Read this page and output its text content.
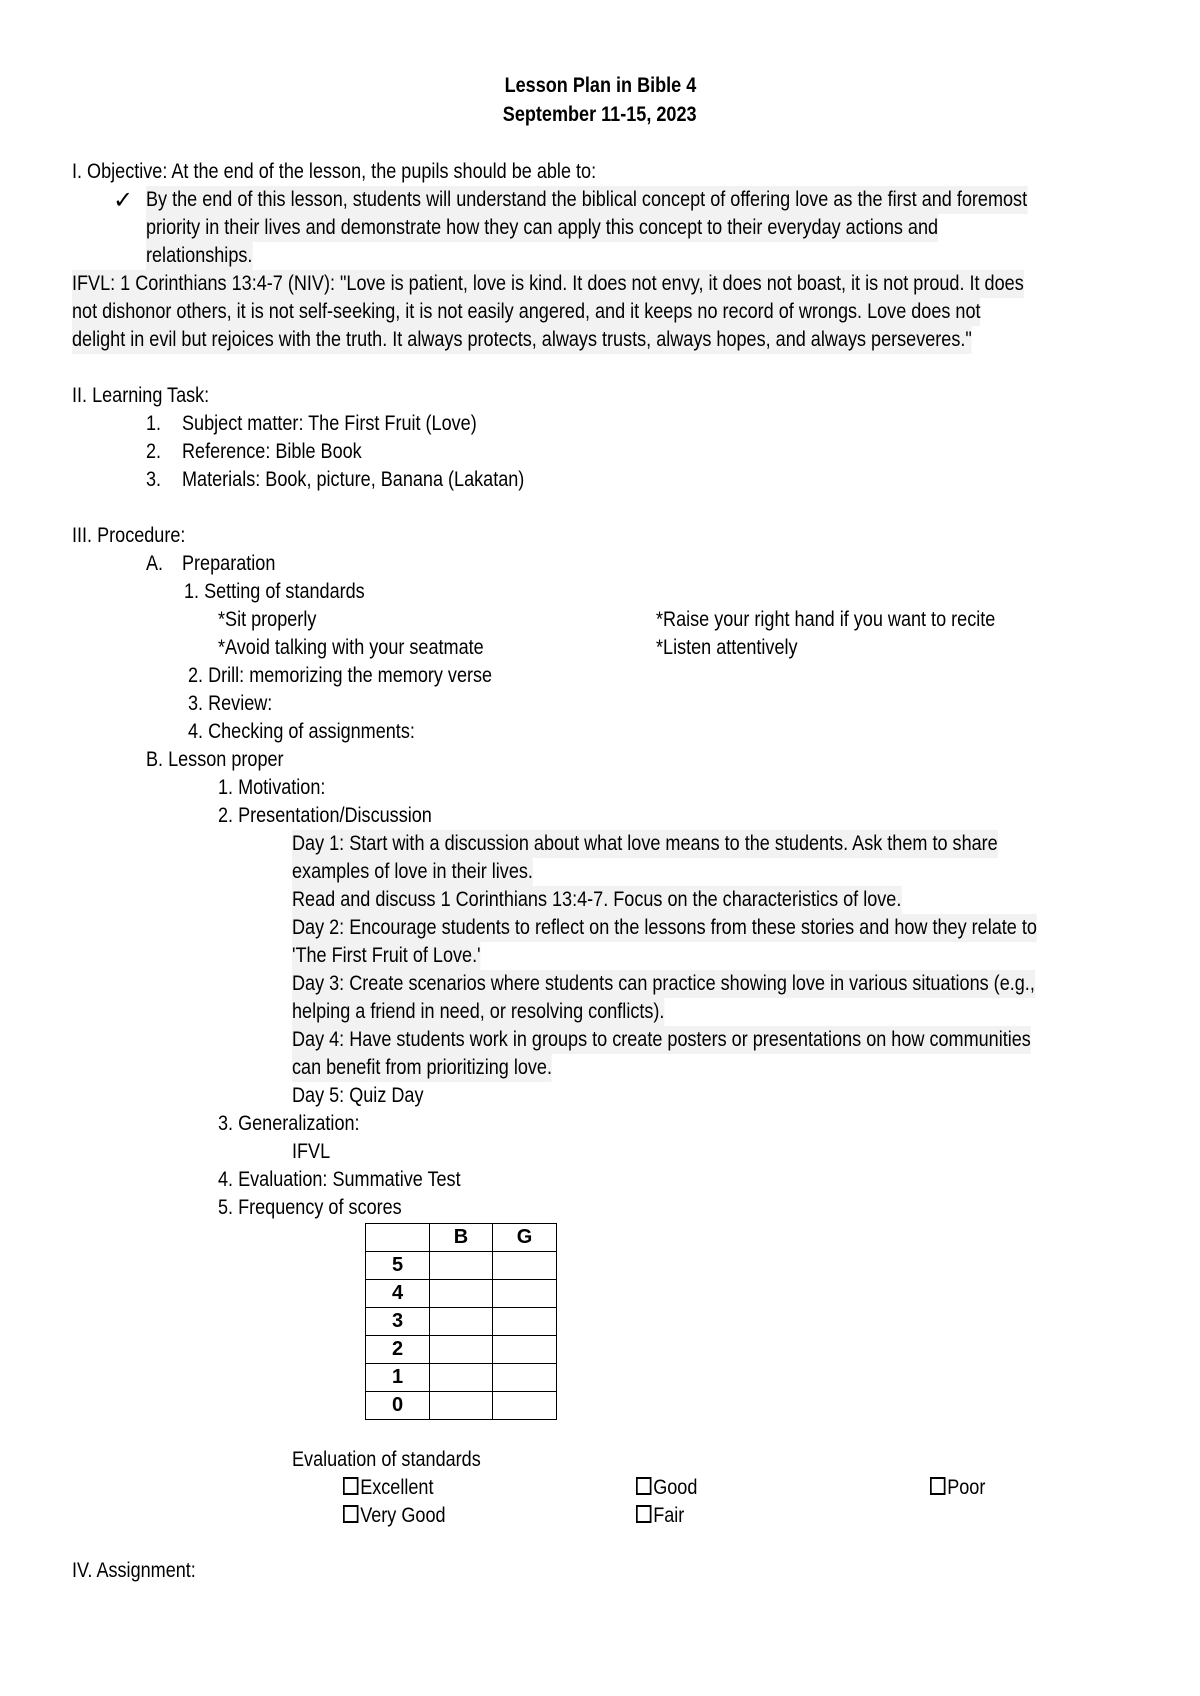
Lesson Plan in Bible 4
September 11-15, 2023
I. Objective: At the end of the lesson, the pupils should be able to:
✓ By the end of this lesson, students will understand the biblical concept of offering love as the first and foremost
priority in their lives and demonstrate how they can apply this concept to their everyday actions and
relationships.
IFVL: 1 Corinthians 13:4-7 (NIV): "Love is patient, love is kind. It does not envy, it does not boast, it is not proud. It does
not dishonor others, it is not self-seeking, it is not easily angered, and it keeps no record of wrongs. Love does not
delight in evil but rejoices with the truth. It always protects, always trusts, always hopes, and always perseveres."
II. Learning Task:
1. Subject matter: The First Fruit (Love)
2. Reference: Bible Book
3. Materials: Book, picture, Banana (Lakatan)
III. Procedure:
A. Preparation
1. Setting of standards
*Sit properly
*Avoid talking with your seatmate
*Raise your right hand if you want to recite
*Listen attentively
2. Drill: memorizing the memory verse
3. Review:
4. Checking of assignments:
B. Lesson proper
1. Motivation:
2. Presentation/Discussion
Day 1: Start with a discussion about what love means to the students. Ask them to share
examples of love in their lives.
Read and discuss 1 Corinthians 13:4-7. Focus on the characteristics of love.
Day 2: Encourage students to reflect on the lessons from these stories and how they relate to
'The First Fruit of Love.'
Day 3: Create scenarios where students can practice showing love in various situations (e.g.,
helping a friend in need, or resolving conflicts).
Day 4: Have students work in groups to create posters or presentations on how communities
can benefit from prioritizing love.
Day 5: Quiz Day
3. Generalization:
IFVL
4. Evaluation: Summative Test
5. Frequency of scores
	B	G
5		
4		
3		
2		
1		
0		
Evaluation of standards
Excellent
Very Good
Good
Fair
Poor
IV. Assignment:
